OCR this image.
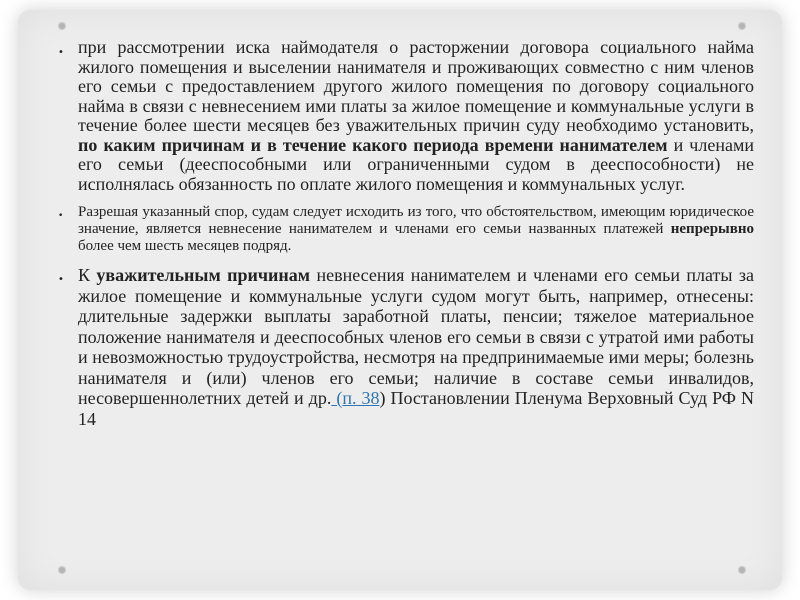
• при рассмотрении иска наймодателя о расторжении договора социального найма жилого помещения и выселении нанимателя и проживающих совместно с ним членов его семьи с предоставлением другого жилого помещения по договору социального найма в связи с невнесением ими платы за жилое помещение и коммунальные услуги в течение более шести месяцев без уважительных причин суду необходимо установить, по каким причинам и в течение какого периода времени нанимателем и членами его семьи (дееспособными или ограниченными судом в дееспособности) не исполнялась обязанность по оплате жилого помещения и коммунальных услуг.
• Разрешая указанный спор, судам следует исходить из того, что обстоятельством, имеющим юридическое значение, является невнесение нанимателем и членами его семьи названных платежей непрерывно более чем шесть месяцев подряд.
• К уважительным причинам невнесения нанимателем и членами его семьи платы за жилое помещение и коммунальные услуги судом могут быть, например, отнесены: длительные задержки выплаты заработной платы, пенсии; тяжелое материальное положение нанимателя и дееспособных членов его семьи в связи с утратой ими работы и невозможностью трудоустройства, несмотря на предпринимаемые ими меры; болезнь нанимателя и (или) членов его семьи; наличие в составе семьи инвалидов, несовершеннолетних детей и др. (п. 38) Постановлении Пленума Верховный Суд РФ N 14
